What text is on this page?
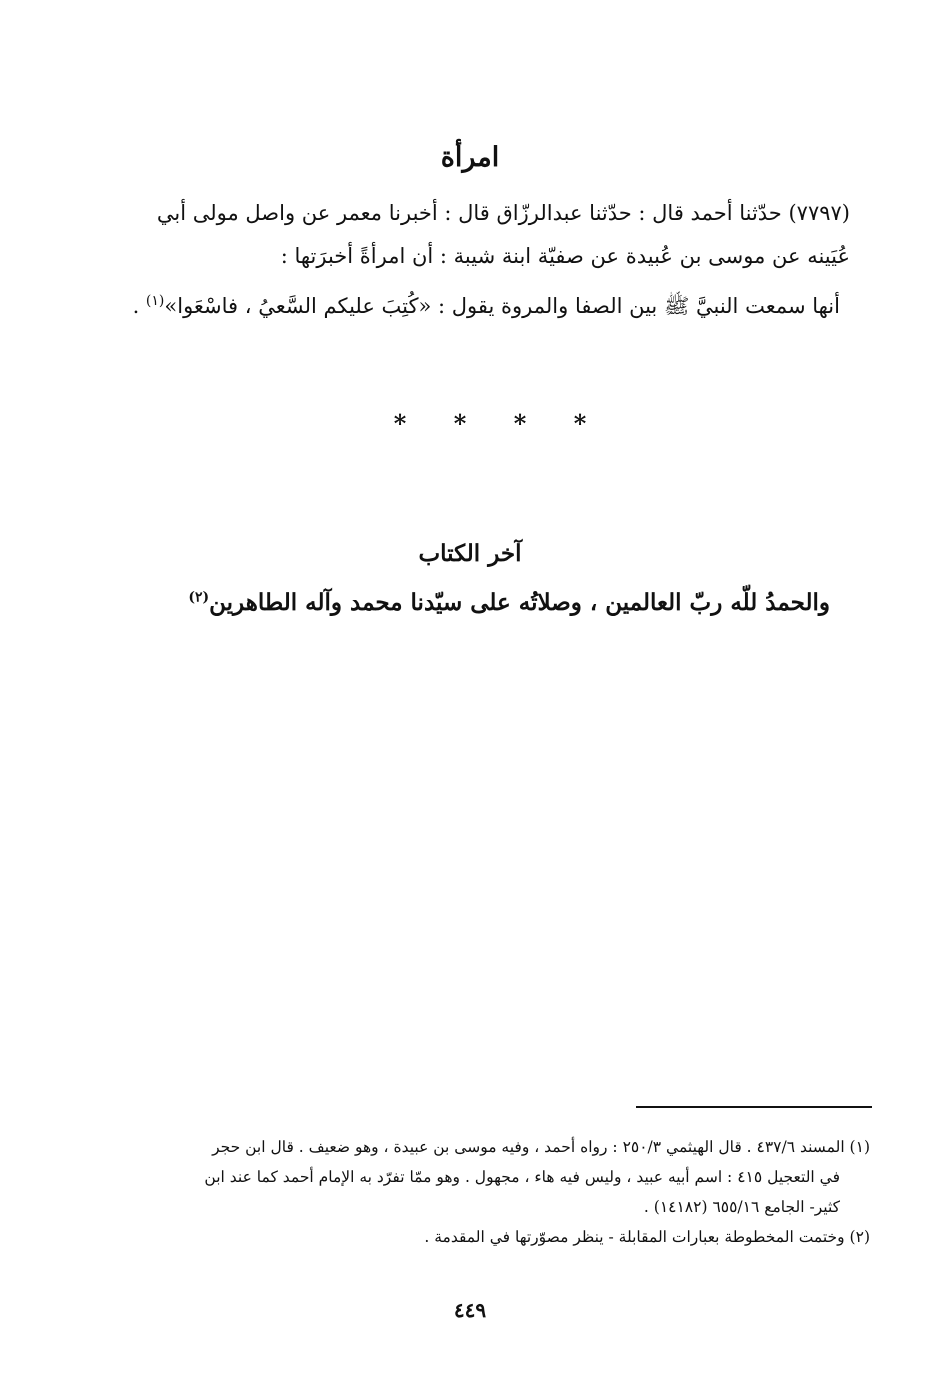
امرأة
(٧٧٩٧) حدّثنا أحمد قال : حدّثنا عبدالرزّاق قال : أخبرنا معمر عن واصل مولى أبي
عُيَينه عن موسى بن عُبيدة عن صفيّة ابنة شيبة : أن امرأةً أخبرَتها :
أنها سمعت النبيَّ ﷺ بين الصفا والمروة يقول : «كُتِبَ عليكم السَّعيُ ، فاسْعَوا»$^{(١)}$ .
* * * *
آخر الكتاب
والحمدُ للّه ربّ العالمين ، وصلاتُه على سيّدنا محمد وآله الطاهرين$^{(٢)}$
(١) المسند ٤٣٧/٦ . قال الهيثمي ٢٥٠/٣ : رواه أحمد ، وفيه موسى بن عبيدة ، وهو ضعيف . قال ابن حجر
في التعجيل ٤١٥ : اسم أبيه عبيد ، وليس فيه هاء ، مجهول . وهو ممّا تفرّد به الإمام أحمد كما عند ابن
كثير- الجامع ٦٥٥/١٦ (١٤١٨٢) .
(٢) وختمت المخطوطة بعبارات المقابلة - ينظر مصوّرتها في المقدمة .
٤٤٩
